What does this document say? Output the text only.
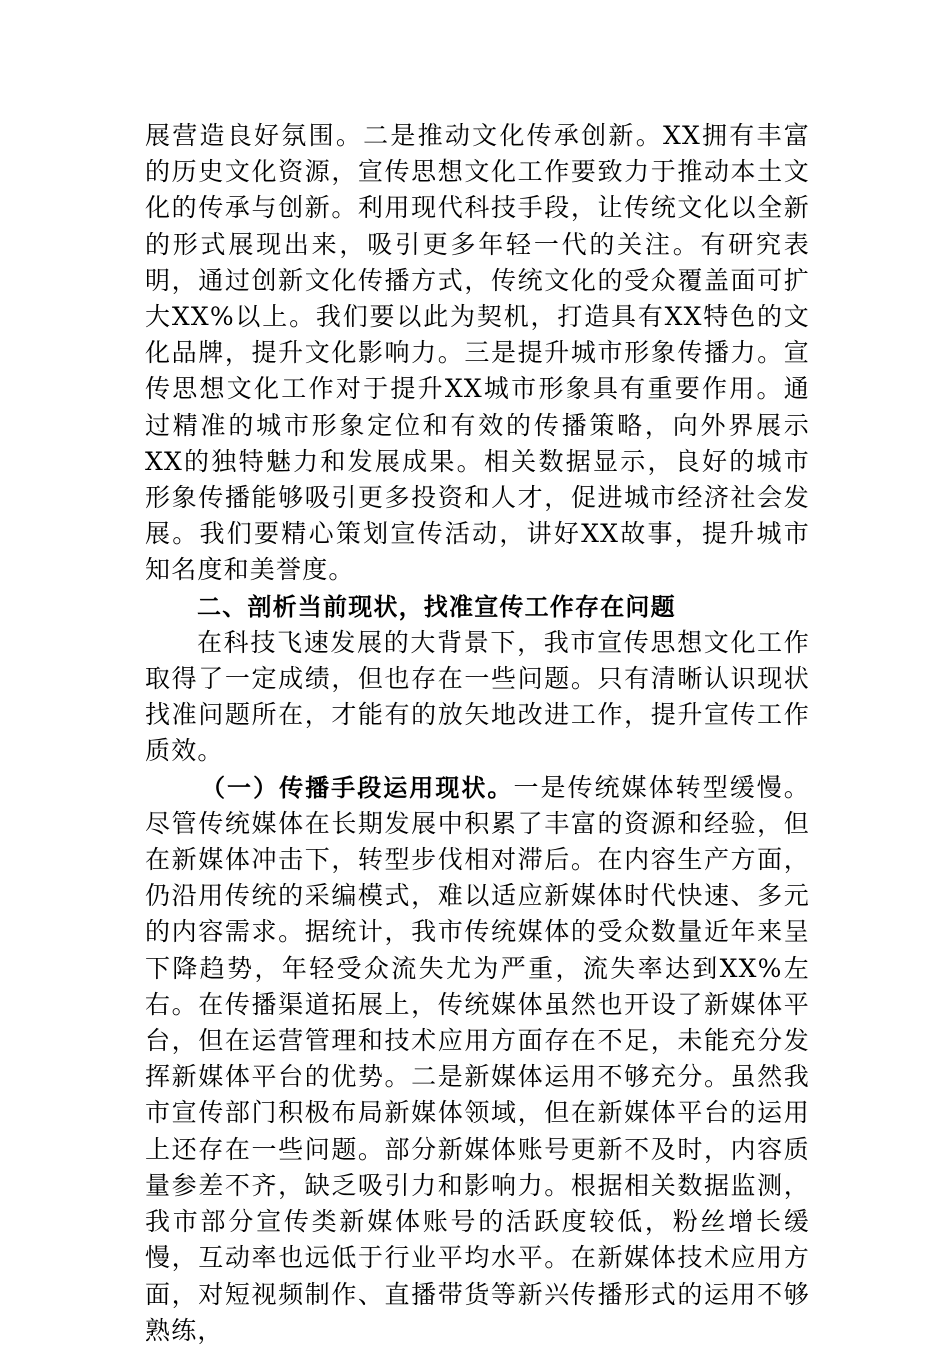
展营造良好氛围。二是推动文化传承创新。XX拥有丰富的历史文化资源，宣传思想文化工作要致力于推动本土文化的传承与创新。利用现代科技手段，让传统文化以全新的形式展现出来，吸引更多年轻一代的关注。有研究表明，通过创新文化传播方式，传统文化的受众覆盖面可扩大XX%以上。我们要以此为契机，打造具有XX特色的文化品牌，提升文化影响力。三是提升城市形象传播力。宣传思想文化工作对于提升XX城市形象具有重要作用。通过精准的城市形象定位和有效的传播策略，向外界展示XX的独特魅力和发展成果。相关数据显示，良好的城市形象传播能够吸引更多投资和人才，促进城市经济社会发展。我们要精心策划宣传活动，讲好XX故事，提升城市知名度和美誉度。

二、剖析当前现状，找准宣传工作存在问题

在科技飞速发展的大背景下，我市宣传思想文化工作取得了一定成绩，但也存在一些问题。只有清晰认识现状找准问题所在，才能有的放矢地改进工作，提升宣传工作质效。

（一）传播手段运用现状。一是传统媒体转型缓慢。尽管传统媒体在长期发展中积累了丰富的资源和经验，但在新媒体冲击下，转型步伐相对滞后。在内容生产方面，仍沿用传统的采编模式，难以适应新媒体时代快速、多元的内容需求。据统计，我市传统媒体的受众数量近年来呈下降趋势，年轻受众流失尤为严重，流失率达到XX%左右。在传播渠道拓展上，传统媒体虽然也开设了新媒体平台，但在运营管理和技术应用方面存在不足，未能充分发挥新媒体平台的优势。二是新媒体运用不够充分。虽然我市宣传部门积极布局新媒体领域，但在新媒体平台的运用上还存在一些问题。部分新媒体账号更新不及时，内容质量参差不齐，缺乏吸引力和影响力。根据相关数据监测，我市部分宣传类新媒体账号的活跃度较低，粉丝增长缓慢，互动率也远低于行业平均水平。在新媒体技术应用方面，对短视频制作、直播带货等新兴传播形式的运用不够熟练，
